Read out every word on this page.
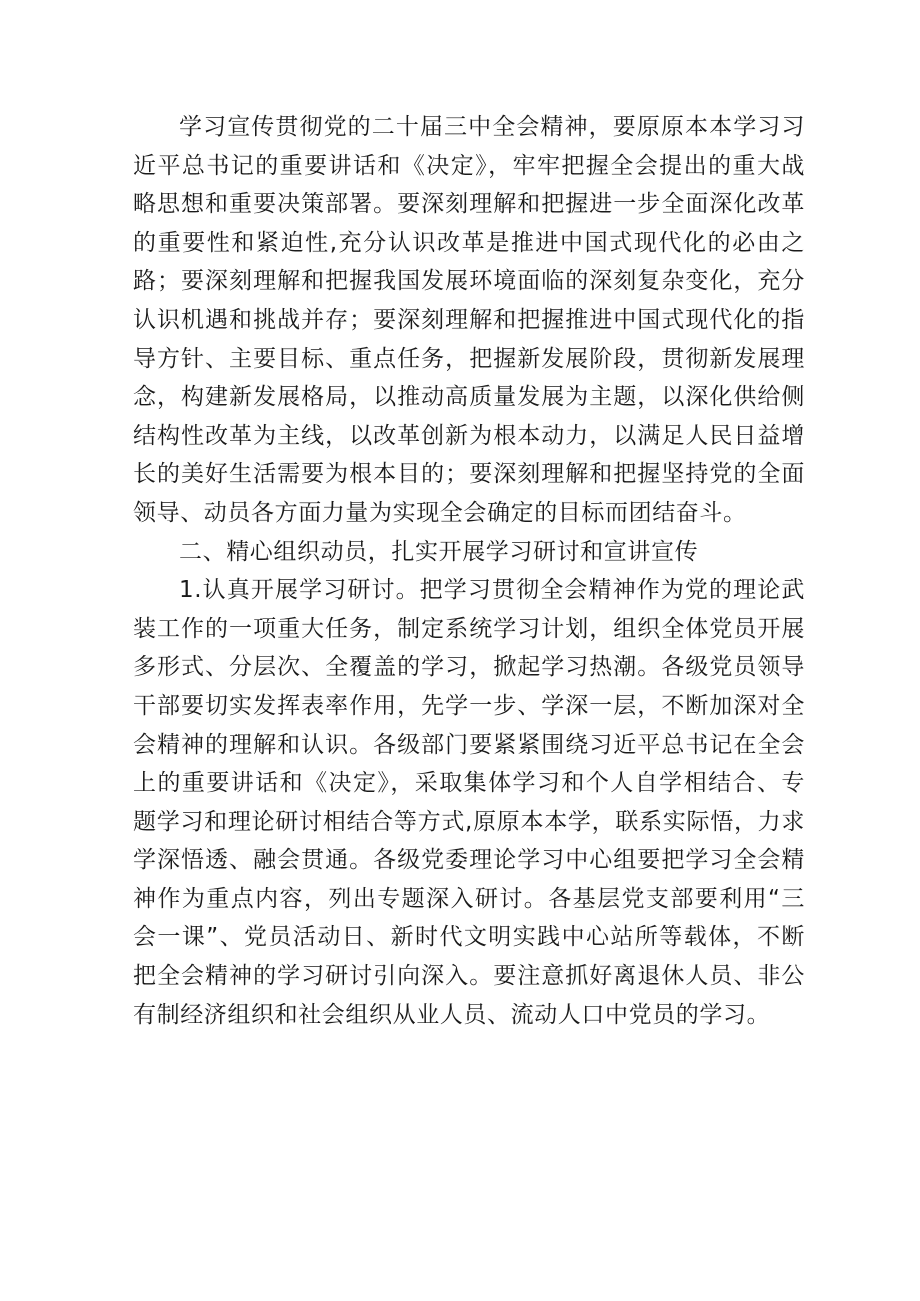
学习宣传贯彻党的二十届三中全会精神，要原原本本学习习近平总书记的重要讲话和《决定》，牢牢把握全会提出的重大战略思想和重要决策部署。要深刻理解和把握进一步全面深化改革的重要性和紧迫性,充分认识改革是推进中国式现代化的必由之路；要深刻理解和把握我国发展环境面临的深刻复杂变化，充分认识机遇和挑战并存；要深刻理解和把握推进中国式现代化的指导方针、主要目标、重点任务，把握新发展阶段，贯彻新发展理念，构建新发展格局，以推动高质量发展为主题，以深化供给侧结构性改革为主线，以改革创新为根本动力，以满足人民日益增长的美好生活需要为根本目的；要深刻理解和把握坚持党的全面领导、动员各方面力量为实现全会确定的目标而团结奋斗。

二、精心组织动员，扎实开展学习研讨和宣讲宣传

1.认真开展学习研讨。把学习贯彻全会精神作为党的理论武装工作的一项重大任务，制定系统学习计划，组织全体党员开展多形式、分层次、全覆盖的学习，掀起学习热潮。各级党员领导干部要切实发挥表率作用，先学一步、学深一层，不断加深对全会精神的理解和认识。各级部门要紧紧围绕习近平总书记在全会上的重要讲话和《决定》，采取集体学习和个人自学相结合、专题学习和理论研讨相结合等方式,原原本本学，联系实际悟，力求学深悟透、融会贯通。各级党委理论学习中心组要把学习全会精神作为重点内容，列出专题深入研讨。各基层党支部要利用“三会一课”、党员活动日、新时代文明实践中心站所等载体，不断把全会精神的学习研讨引向深入。要注意抓好离退休人员、非公有制经济组织和社会组织从业人员、流动人口中党员的学习。
